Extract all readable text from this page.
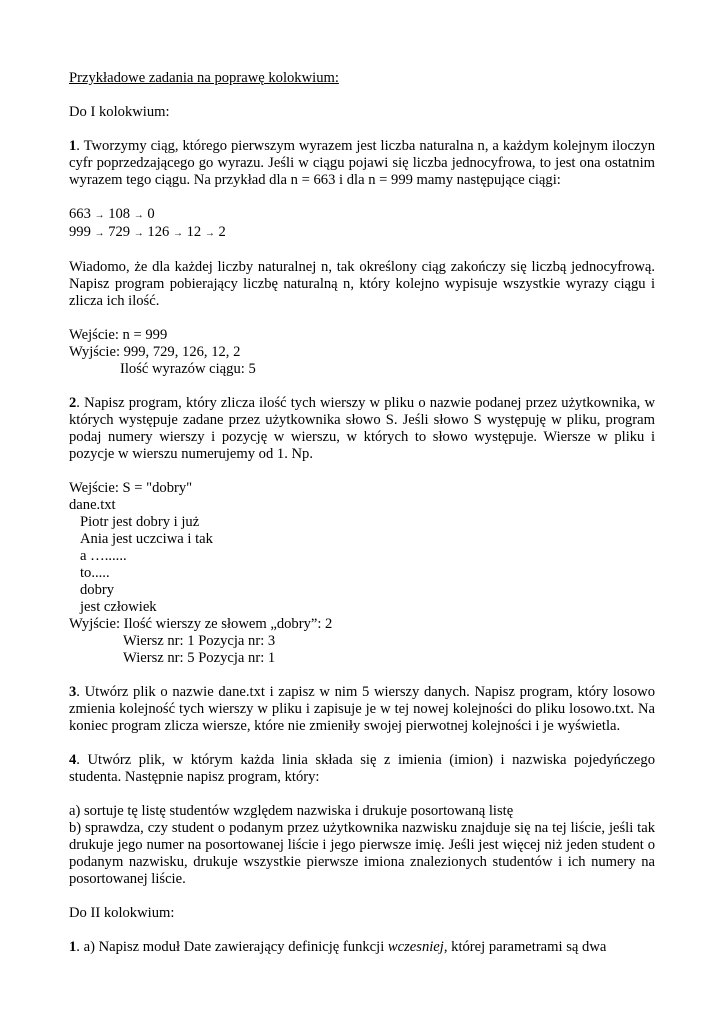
Przykładowe zadania na poprawę kolokwium:

Do I kolokwium:

1. Tworzymy ciąg, którego pierwszym wyrazem jest liczba naturalna n, a każdym kolejnym iloczyn cyfr poprzedzającego go wyrazu. Jeśli w ciągu pojawi się liczba jednocyfrowa, to jest ona ostatnim wyrazem tego ciągu. Na przykład dla n = 663 i dla n = 999 mamy następujące ciągi:

663 → 108 → 0

999 → 729 → 126 → 12 → 2

Wiadomo, że dla każdej liczby naturalnej n, tak określony ciąg zakończy się liczbą jednocyfrową. Napisz program pobierający liczbę naturalną n, który kolejno wypisuje wszystkie wyrazy ciągu i zlicza ich ilość.

Wejście: n = 999

Wyjście: 999, 729, 126, 12, 2

Ilość wyrazów ciągu: 5

2. Napisz program, który zlicza ilość tych wierszy w pliku o nazwie podanej przez użytkownika, w których występuje zadane przez użytkownika słowo S. Jeśli słowo S występuję w pliku, program podaj numery wierszy i pozycję w wierszu, w których to słowo występuje. Wiersze w pliku i pozycje w wierszu numerujemy od 1. Np.

Wejście: S = "dobry"

dane.txt

Piotr jest dobry i już

Ania jest uczciwa i tak

a …......

to.....

dobry

jest człowiek

Wyjście: Ilość wierszy ze słowem „dobry”: 2

Wiersz nr: 1 Pozycja nr: 3

Wiersz nr: 5 Pozycja nr: 1

3. Utwórz plik o nazwie dane.txt i zapisz w nim 5 wierszy danych. Napisz program, który losowo zmienia kolejność tych wierszy w pliku i zapisuje je w tej nowej kolejności do pliku losowo.txt. Na koniec program zlicza wiersze, które nie zmieniły swojej pierwotnej kolejności i je wyświetla.

4. Utwórz plik, w którym każda linia składa się z imienia (imion) i nazwiska pojedyńczego studenta. Następnie napisz program, który:

a) sortuje tę listę studentów względem nazwiska i drukuje posortowaną listę

b) sprawdza, czy student o podanym przez użytkownika nazwisku znajduje się na tej liście, jeśli tak drukuje jego numer na posortowanej liście i jego pierwsze imię. Jeśli jest więcej niż jeden student o podanym nazwisku, drukuje wszystkie pierwsze imiona znalezionych studentów i ich numery na posortowanej liście.

Do II kolokwium:

1. a) Napisz moduł Date zawierający definicję funkcji wczesniej, której parametrami są dwa
